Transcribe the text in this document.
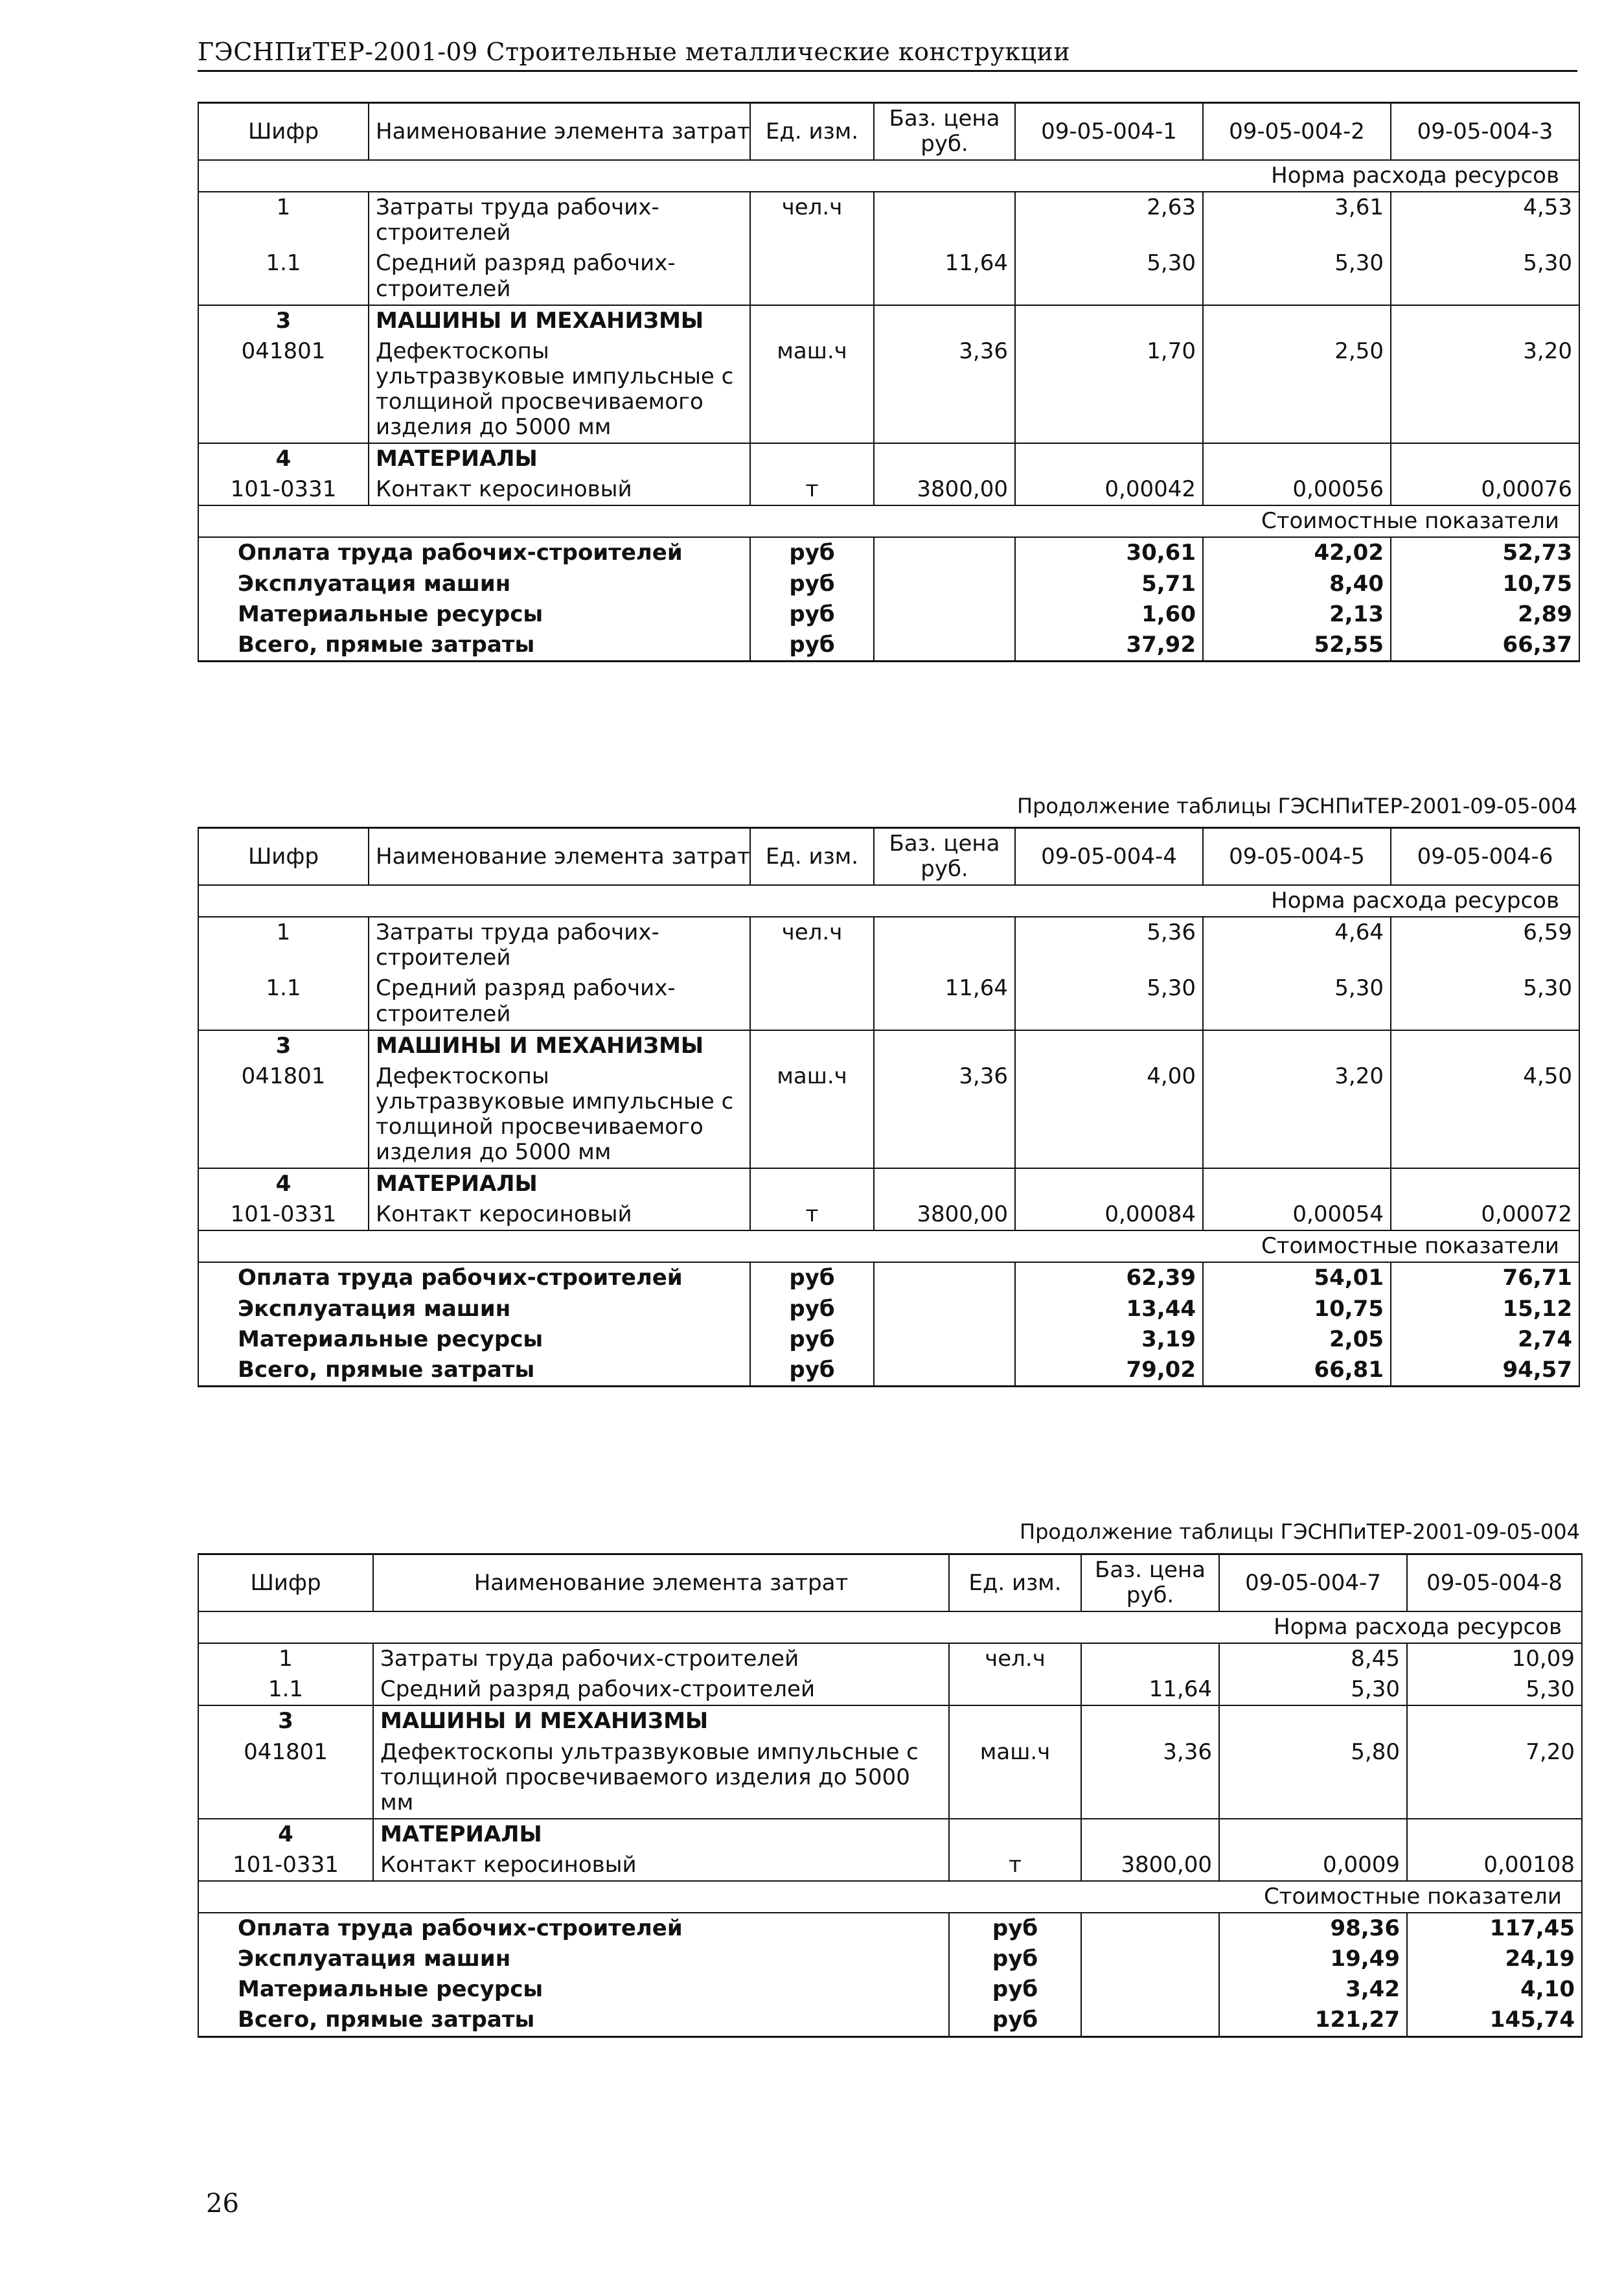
ГЭСНПиТЕР-2001-09 Строительные металлические конструкции
Шифр	Наименование элемента затрат	Ед. изм.	Баз. цена руб.	09-05-004-1	09-05-004-2	09-05-004-3
Норма расхода ресурсов						
1	Затраты труда рабочих-строителей	чел.ч		2,63	3,61	4,53
1.1	Средний разряд рабочих-строителей		11,64	5,30	5,30	5,30
3	МАШИНЫ И МЕХАНИЗМЫ					
041801	Дефектоскопы ультразвуковые импульсные с толщиной просвечиваемого изделия до 5000 мм	маш.ч	3,36	1,70	2,50	3,20
4	МАТЕРИАЛЫ					
101-0331	Контакт керосиновый	т	3800,00	0,00042	0,00056	0,00076
Стоимостные показатели						
Оплата труда рабочих-строителей		руб		30,61	42,02	52,73
Эксплуатация машин		руб		5,71	8,40	10,75
Материальные ресурсы		руб		1,60	2,13	2,89
Всего, прямые затраты		руб		37,92	52,55	66,37
Продолжение таблицы ГЭСНПиТЕР-2001-09-05-004
Шифр	Наименование элемента затрат	Ед. изм.	Баз. цена руб.	09-05-004-4	09-05-004-5	09-05-004-6
Норма расхода ресурсов						
1	Затраты труда рабочих-строителей	чел.ч		5,36	4,64	6,59
1.1	Средний разряд рабочих-строителей		11,64	5,30	5,30	5,30
3	МАШИНЫ И МЕХАНИЗМЫ					
041801	Дефектоскопы ультразвуковые импульсные с толщиной просвечиваемого изделия до 5000 мм	маш.ч	3,36	4,00	3,20	4,50
4	МАТЕРИАЛЫ					
101-0331	Контакт керосиновый	т	3800,00	0,00084	0,00054	0,00072
Стоимостные показатели						
Оплата труда рабочих-строителей		руб		62,39	54,01	76,71
Эксплуатация машин		руб		13,44	10,75	15,12
Материальные ресурсы		руб		3,19	2,05	2,74
Всего, прямые затраты		руб		79,02	66,81	94,57
Продолжение таблицы ГЭСНПиТЕР-2001-09-05-004
Шифр	Наименование элемента затрат	Ед. изм.	Баз. цена руб.	09-05-004-7	09-05-004-8
Норма расхода ресурсов					
1	Затраты труда рабочих-строителей	чел.ч		8,45	10,09
1.1	Средний разряд рабочих-строителей		11,64	5,30	5,30
3	МАШИНЫ И МЕХАНИЗМЫ				
041801	Дефектоскопы ультразвуковые импульсные с толщиной просвечиваемого изделия до 5000 мм	маш.ч	3,36	5,80	7,20
4	МАТЕРИАЛЫ				
101-0331	Контакт керосиновый	т	3800,00	0,0009	0,00108
Стоимостные показатели					
Оплата труда рабочих-строителей		руб		98,36	117,45
Эксплуатация машин		руб		19,49	24,19
Материальные ресурсы		руб		3,42	4,10
Всего, прямые затраты		руб		121,27	145,74
26
